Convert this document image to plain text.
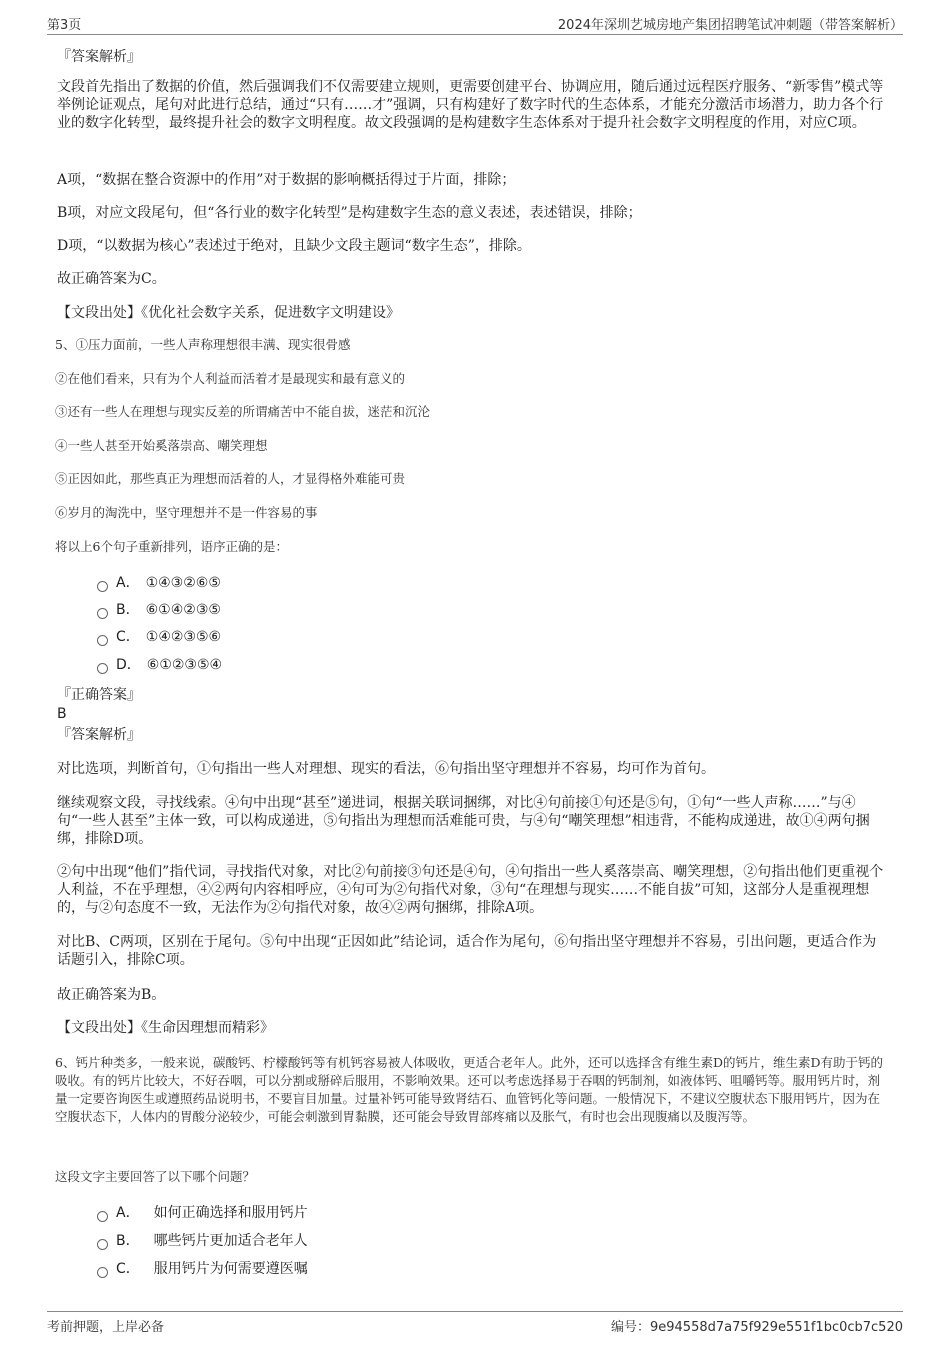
第3页	2024年深圳艺城房地产集团招聘笔试冲刺题（带答案解析）
『答案解析』
文段首先指出了数据的价值，然后强调我们不仅需要建立规则，更需要创建平台、协调应用，随后通过远程医疗服务、“新零售”模式等举例论证观点，尾句对此进行总结，通过“只有……才”强调，只有构建好了数字时代的生态体系，才能充分激活市场潜力，助力各个行业的数字化转型，最终提升社会的数字文明程度。故文段强调的是构建数字生态体系对于提升社会数字文明程度的作用，对应C项。
A项，“数据在整合资源中的作用”对于数据的影响概括得过于片面，排除；
B项，对应文段尾句，但“各行业的数字化转型”是构建数字生态的意义表述，表述错误，排除；
D项，“以数据为核心”表述过于绝对，且缺少文段主题词“数字生态”，排除。
故正确答案为C。
【文段出处】《优化社会数字关系，促进数字文明建设》
5、①压力面前，一些人声称理想很丰满、现实很骨感
②在他们看来，只有为个人利益而活着才是最现实和最有意义的
③还有一些人在理想与现实反差的所谓痛苦中不能自拔，迷茫和沉沦
④一些人甚至开始奚落崇高、嘲笑理想
⑤正因如此，那些真正为理想而活着的人，才显得格外难能可贵
⑥岁月的淘洗中，坚守理想并不是一件容易的事
将以上6个句子重新排列，语序正确的是：
A． ①④③②⑥⑤
B． ⑥①④②③⑤
C． ①④②③⑤⑥
D． ⑥①②③⑤④
『正确答案』
B
『答案解析』
对比选项，判断首句，①句指出一些人对理想、现实的看法，⑥句指出坚守理想并不容易，均可作为首句。
继续观察文段，寻找线索。④句中出现“甚至”递进词，根据关联词捆绑，对比④句前接①句还是⑤句，①句“一些人声称……”与④句“一些人甚至”主体一致，可以构成递进，⑤句指出为理想而活难能可贵，与④句“嘲笑理想”相违背，不能构成递进，故①④两句捆绑，排除D项。
②句中出现“他们”指代词，寻找指代对象，对比②句前接③句还是④句，④句指出一些人奚落崇高、嘲笑理想，②句指出他们更重视个人利益，不在乎理想，④②两句内容相呼应，④句可为②句指代对象，③句“在理想与现实……不能自拔”可知，这部分人是重视理想的，与②句态度不一致，无法作为②句指代对象，故④②两句捆绑，排除A项。
对比B、C两项，区别在于尾句。⑤句中出现“正因如此”结论词，适合作为尾句，⑥句指出坚守理想并不容易，引出问题，更适合作为话题引入，排除C项。
故正确答案为B。
【文段出处】《生命因理想而精彩》
6、钙片种类多，一般来说，碳酸钙、柠檬酸钙等有机钙容易被人体吸收，更适合老年人。此外，还可以选择含有维生素D的钙片，维生素D有助于钙的吸收。有的钙片比较大，不好吞咽，可以分割或掰碎后服用，不影响效果。还可以考虑选择易于吞咽的钙制剂，如液体钙、咀嚼钙等。服用钙片时，剂量一定要咨询医生或遵照药品说明书，不要盲目加量。过量补钙可能导致肾结石、血管钙化等问题。一般情况下，不建议空腹状态下服用钙片，因为在空腹状态下，人体内的胃酸分泌较少，可能会刺激到胃黏膜，还可能会导致胃部疼痛以及胀气，有时也会出现腹痛以及腹泻等。
这段文字主要回答了以下哪个问题？
A． 如何正确选择和服用钙片
B． 哪些钙片更加适合老年人
C． 服用钙片为何需要遵医嘱
考前押题，上岸必备	编号：9e94558d7a75f929e551f1bc0cb7c520
